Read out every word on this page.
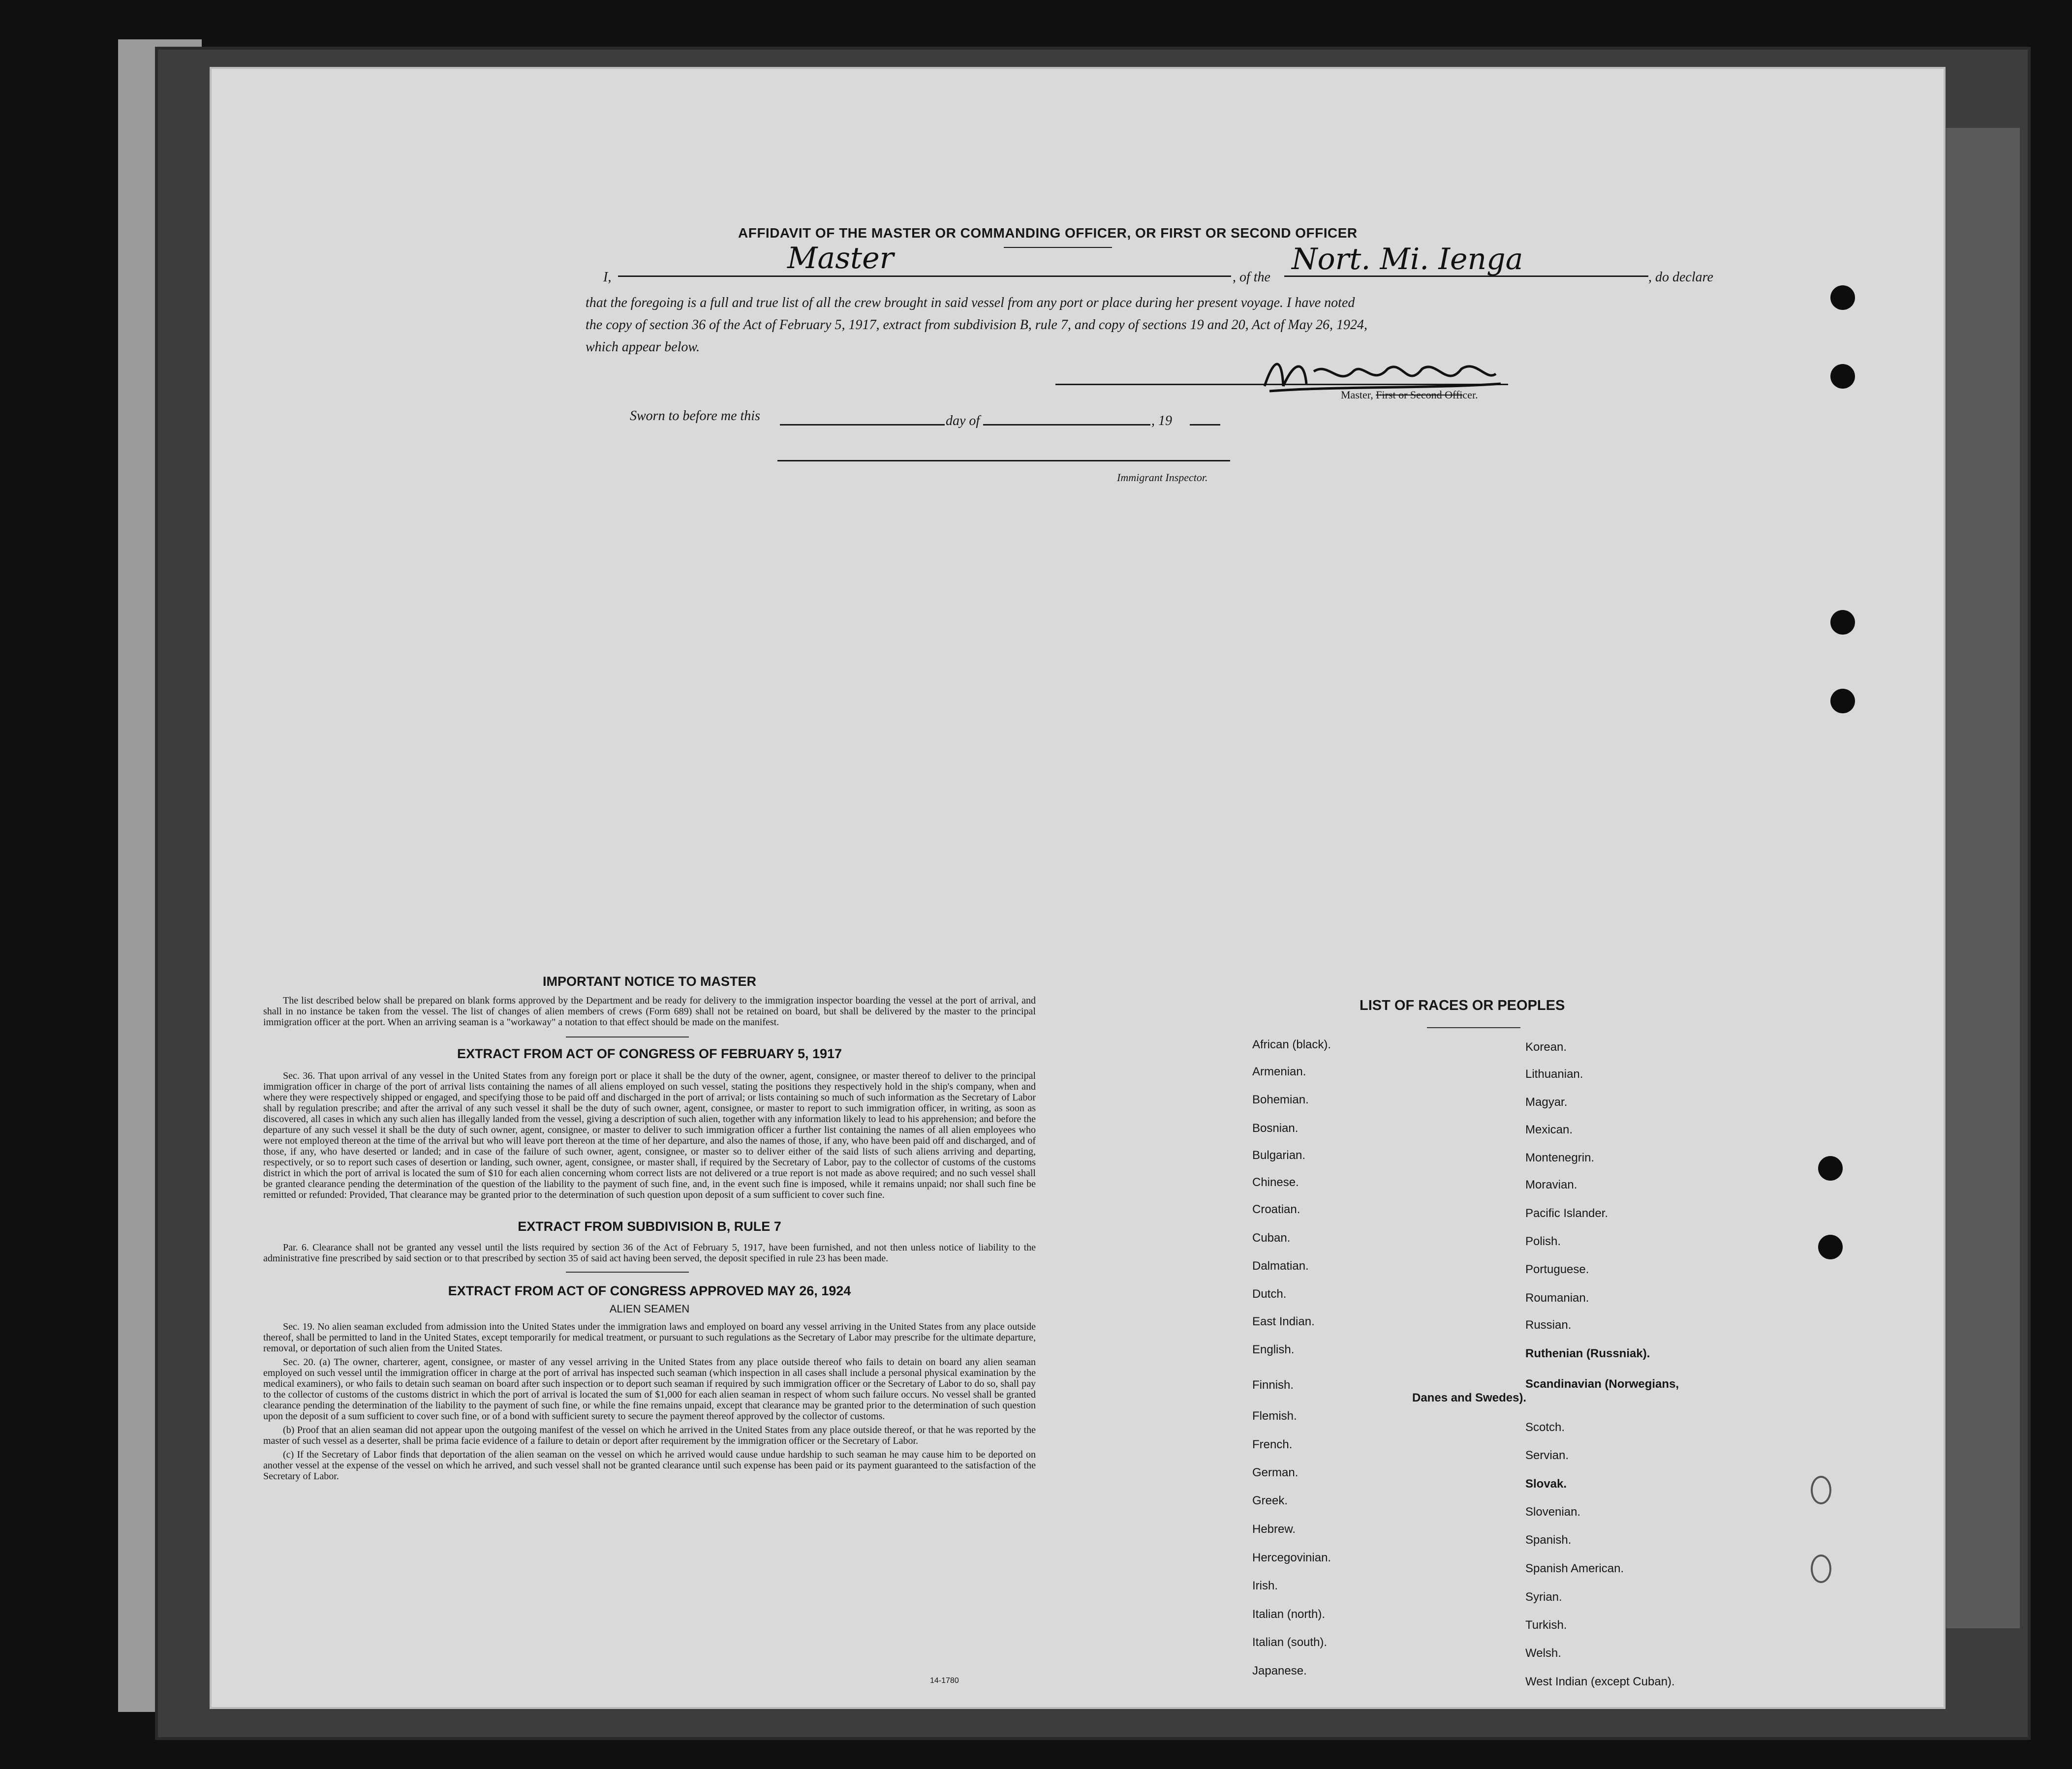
AFFIDAVIT OF THE MASTER OR COMMANDING OFFICER, OR FIRST OR SECOND OFFICER
I,
Master
, of the
Nort. Mi. Ienga
, do declare
that the foregoing is a full and true list of all the crew brought in said vessel from any port or place during her present voyage. I have noted
the copy of section 36 of the Act of February 5, 1917, extract from subdivision B, rule 7, and copy of sections 19 and 20, Act of May 26, 1924,
which appear below.
Master, First or Second Officer.
Sworn to before me this	day of	, 19
Immigrant Inspector.
IMPORTANT NOTICE TO MASTER
The list described below shall be prepared on blank forms approved by the Department and be ready for delivery to the immigration inspector boarding the vessel at the port of arrival, and shall in no instance be taken from the vessel. The list of changes of alien members of crews (Form 689) shall not be retained on board, but shall be delivered by the master to the principal immigration officer at the port. When an arriving seaman is a "workaway" a notation to that effect should be made on the manifest.
EXTRACT FROM ACT OF CONGRESS OF FEBRUARY 5, 1917
Sec. 36. That upon arrival of any vessel in the United States from any foreign port or place it shall be the duty of the owner, agent, consignee, or master thereof to deliver to the principal immigration officer in charge of the port of arrival lists containing the names of all aliens employed on such vessel, stating the positions they respectively hold in the ship's company, when and where they were respectively shipped or engaged, and specifying those to be paid off and discharged in the port of arrival; or lists containing so much of such information as the Secretary of Labor shall by regulation prescribe; and after the arrival of any such vessel it shall be the duty of such owner, agent, consignee, or master to report to such immigration officer, in writing, as soon as discovered, all cases in which any such alien has illegally landed from the vessel, giving a description of such alien, together with any information likely to lead to his apprehension; and before the departure of any such vessel it shall be the duty of such owner, agent, consignee, or master to deliver to such immigration officer a further list containing the names of all alien employees who were not employed thereon at the time of the arrival but who will leave port thereon at the time of her departure, and also the names of those, if any, who have been paid off and discharged, and of those, if any, who have deserted or landed; and in case of the failure of such owner, agent, consignee, or master so to deliver either of the said lists of such aliens arriving and departing, respectively, or so to report such cases of desertion or landing, such owner, agent, consignee, or master shall, if required by the Secretary of Labor, pay to the collector of customs of the customs district in which the port of arrival is located the sum of $10 for each alien concerning whom correct lists are not delivered or a true report is not made as above required; and no such vessel shall be granted clearance pending the determination of the question of the liability to the payment of such fine, and, in the event such fine is imposed, while it remains unpaid; nor shall such fine be remitted or refunded: Provided, That clearance may be granted prior to the determination of such question upon deposit of a sum sufficient to cover such fine.
EXTRACT FROM SUBDIVISION B, RULE 7
Par. 6. Clearance shall not be granted any vessel until the lists required by section 36 of the Act of February 5, 1917, have been furnished, and not then unless notice of liability to the administrative fine prescribed by said section or to that prescribed by section 35 of said act having been served, the deposit specified in rule 23 has been made.
EXTRACT FROM ACT OF CONGRESS APPROVED MAY 26, 1924
ALIEN SEAMEN
Sec. 19. No alien seaman excluded from admission into the United States under the immigration laws and employed on board any vessel arriving in the United States from any place outside thereof, shall be permitted to land in the United States, except temporarily for medical treatment, or pursuant to such regulations as the Secretary of Labor may prescribe for the ultimate departure, removal, or deportation of such alien from the United States.
Sec. 20. (a) The owner, charterer, agent, consignee, or master of any vessel arriving in the United States from any place outside thereof who fails to detain on board any alien seaman employed on such vessel until the immigration officer in charge at the port of arrival has inspected such seaman (which inspection in all cases shall include a personal physical examination by the medical examiners), or who fails to detain such seaman on board after such inspection or to deport such seaman if required by such immigration officer or the Secretary of Labor to do so, shall pay to the collector of customs of the customs district in which the port of arrival is located the sum of $1,000 for each alien seaman in respect of whom such failure occurs. No vessel shall be granted clearance pending the determination of the liability to the payment of such fine, or while the fine remains unpaid, except that clearance may be granted prior to the determination of such question upon the deposit of a sum sufficient to cover such fine, or of a bond with sufficient surety to secure the payment thereof approved by the collector of customs.
(b) Proof that an alien seaman did not appear upon the outgoing manifest of the vessel on which he arrived in the United States from any place outside thereof, or that he was reported by the master of such vessel as a deserter, shall be prima facie evidence of a failure to detain or deport after requirement by the immigration officer or the Secretary of Labor.
(c) If the Secretary of Labor finds that deportation of the alien seaman on the vessel on which he arrived would cause undue hardship to such seaman he may cause him to be deported on another vessel at the expense of the vessel on which he arrived, and such vessel shall not be granted clearance until such expense has been paid or its payment guaranteed to the satisfaction of the Secretary of Labor.
14-1780
LIST OF RACES OR PEOPLES
African (black).
Armenian.
Bohemian.
Bosnian.
Bulgarian.
Chinese.
Croatian.
Cuban.
Dalmatian.
Dutch.
East Indian.
English.
Finnish.
Flemish.
French.
German.
Greek.
Hebrew.
Hercegovinian.
Irish.
Italian (north).
Italian (south).
Japanese.
Korean.
Lithuanian.
Magyar.
Mexican.
Montenegrin.
Moravian.
Pacific Islander.
Polish.
Portuguese.
Roumanian.
Russian.
Ruthenian (Russniak).
Scandinavian (Norwegians,
Danes and Swedes).
Scotch.
Servian.
Slovak.
Slovenian.
Spanish.
Spanish American.
Syrian.
Turkish.
Welsh.
West Indian (except Cuban).
